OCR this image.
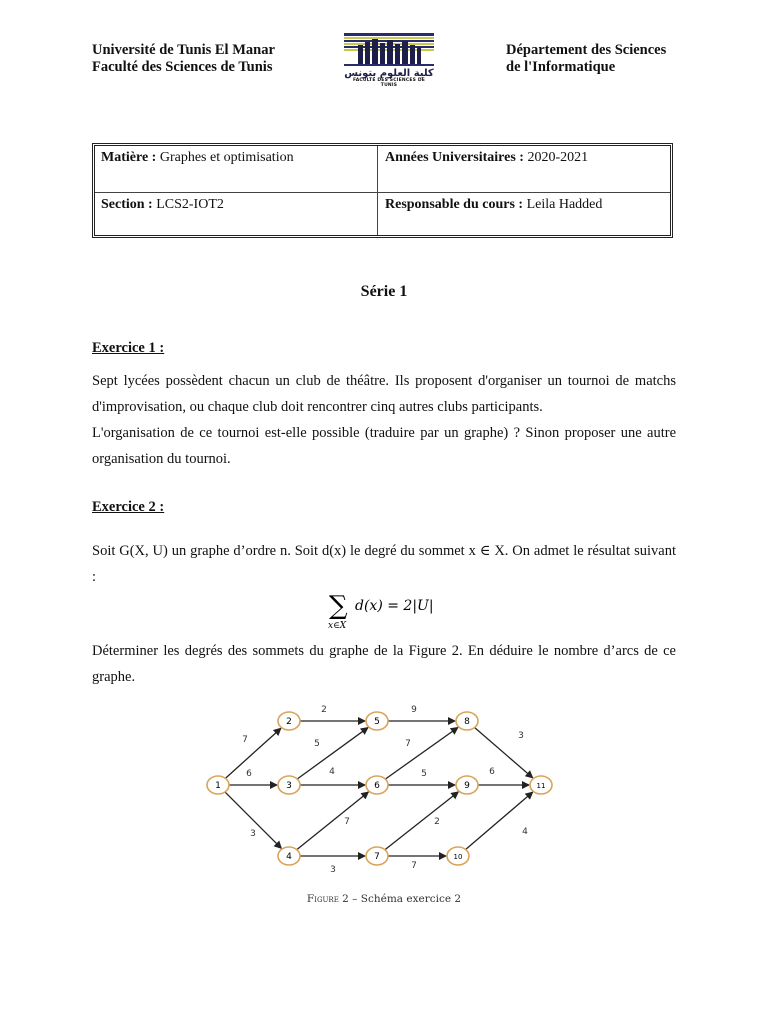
Université de Tunis El Manar
Faculté des Sciences de Tunis	كلية العلوم بتونس
FACULTE DES SCIENCES DE TUNIS
Département des Sciences
de l'Informatique
Matière : Graphes et optimisation	Années Universitaires : 2020-2021
Section : LCS2-IOT2	Responsable du cours : Leila Hadded
Série 1
Exercice 1 :
Sept lycées possèdent chacun un club de théâtre. Ils proposent d'organiser un tournoi de matchs d'improvisation, ou chaque club doit rencontrer cinq autres clubs participants.
L'organisation de ce tournoi est-elle possible (traduire par un graphe) ? Sinon proposer une autre organisation du tournoi.
Exercice 2 :
Soit G(X, U) un graphe d’ordre n. Soit d(x) le degré du sommet x ∈ X. On admet le résultat suivant :
∑
x∈X
d(x) = 2|U|
Déterminer les degrés des sommets du graphe de la Figure 2. En déduire le nombre d’arcs de ce graphe.
7
6
3
2
5
4
7
3
9
7
5
2
7
3
6
4
1
2
3
4
5
6
7
8
9
10
11
Figure 2 – Schéma exercice 2
